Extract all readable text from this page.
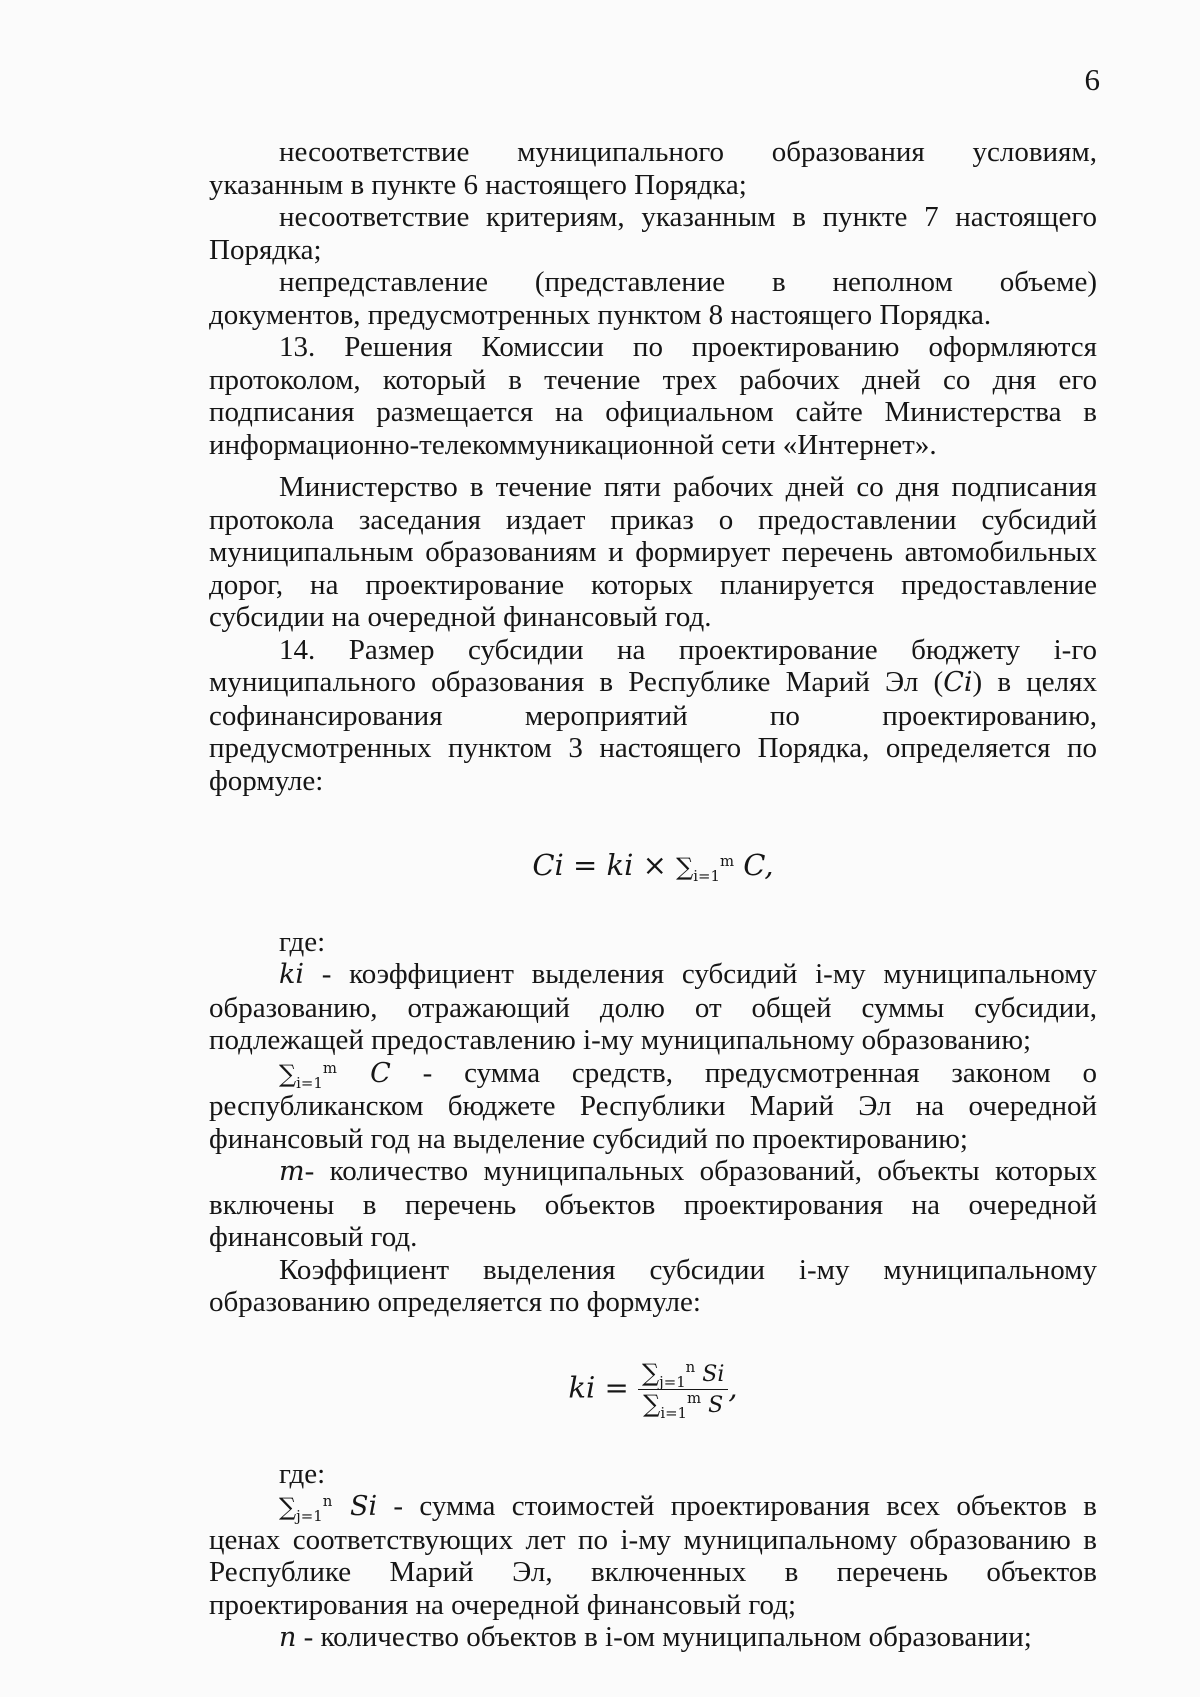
6

несоответствие муниципального образования условиям, указанным в пункте 6 настоящего Порядка;

несоответствие критериям, указанным в пункте 7 настоящего Порядка;

непредставление (представление в неполном объеме) документов, предусмотренных пунктом 8 настоящего Порядка.

13. Решения Комиссии по проектированию оформляются протоколом, который в течение трех рабочих дней со дня его подписания размещается на официальном сайте Министерства в информационно-телекоммуникационной сети «Интернет».

Министерство в течение пяти рабочих дней со дня подписания протокола заседания издает приказ о предоставлении субсидий муниципальным образованиям и формирует перечень автомобильных дорог, на проектирование которых планируется предоставление субсидии на очередной финансовый год.

14. Размер субсидии на проектирование бюджету i-го муниципального образования в Республике Марий Эл (Ci) в целях софинансирования мероприятий по проектированию, предусмотренных пунктом 3 настоящего Порядка, определяется по формуле:

Ci = ki × $\sum_{i=1}^m$ C,

где:

ki - коэффициент выделения субсидий i-му муниципальному образованию, отражающий долю от общей суммы субсидии, подлежащей предоставлению i-му муниципальному образованию;

$\sum_{i=1}^m$ C - сумма средств, предусмотренная законом о республиканском бюджете Республики Марий Эл на очередной финансовый год на выделение субсидий по проектированию;

m- количество муниципальных образований, объекты которых включены в перечень объектов проектирования на очередной финансовый год.

Коэффициент выделения субсидии i-му муниципальному образованию определяется по формуле:

ki = $\frac{\sum_{j=1}^n Si}{\sum_{i=1}^m S}$ ,

где:

$\sum_{j=1}^n$ Si - сумма стоимостей проектирования всех объектов в ценах соответствующих лет по i-му муниципальному образованию в Республике Марий Эл, включенных в перечень объектов проектирования на очередной финансовый год;

n - количество объектов в i-ом муниципальном образовании;
